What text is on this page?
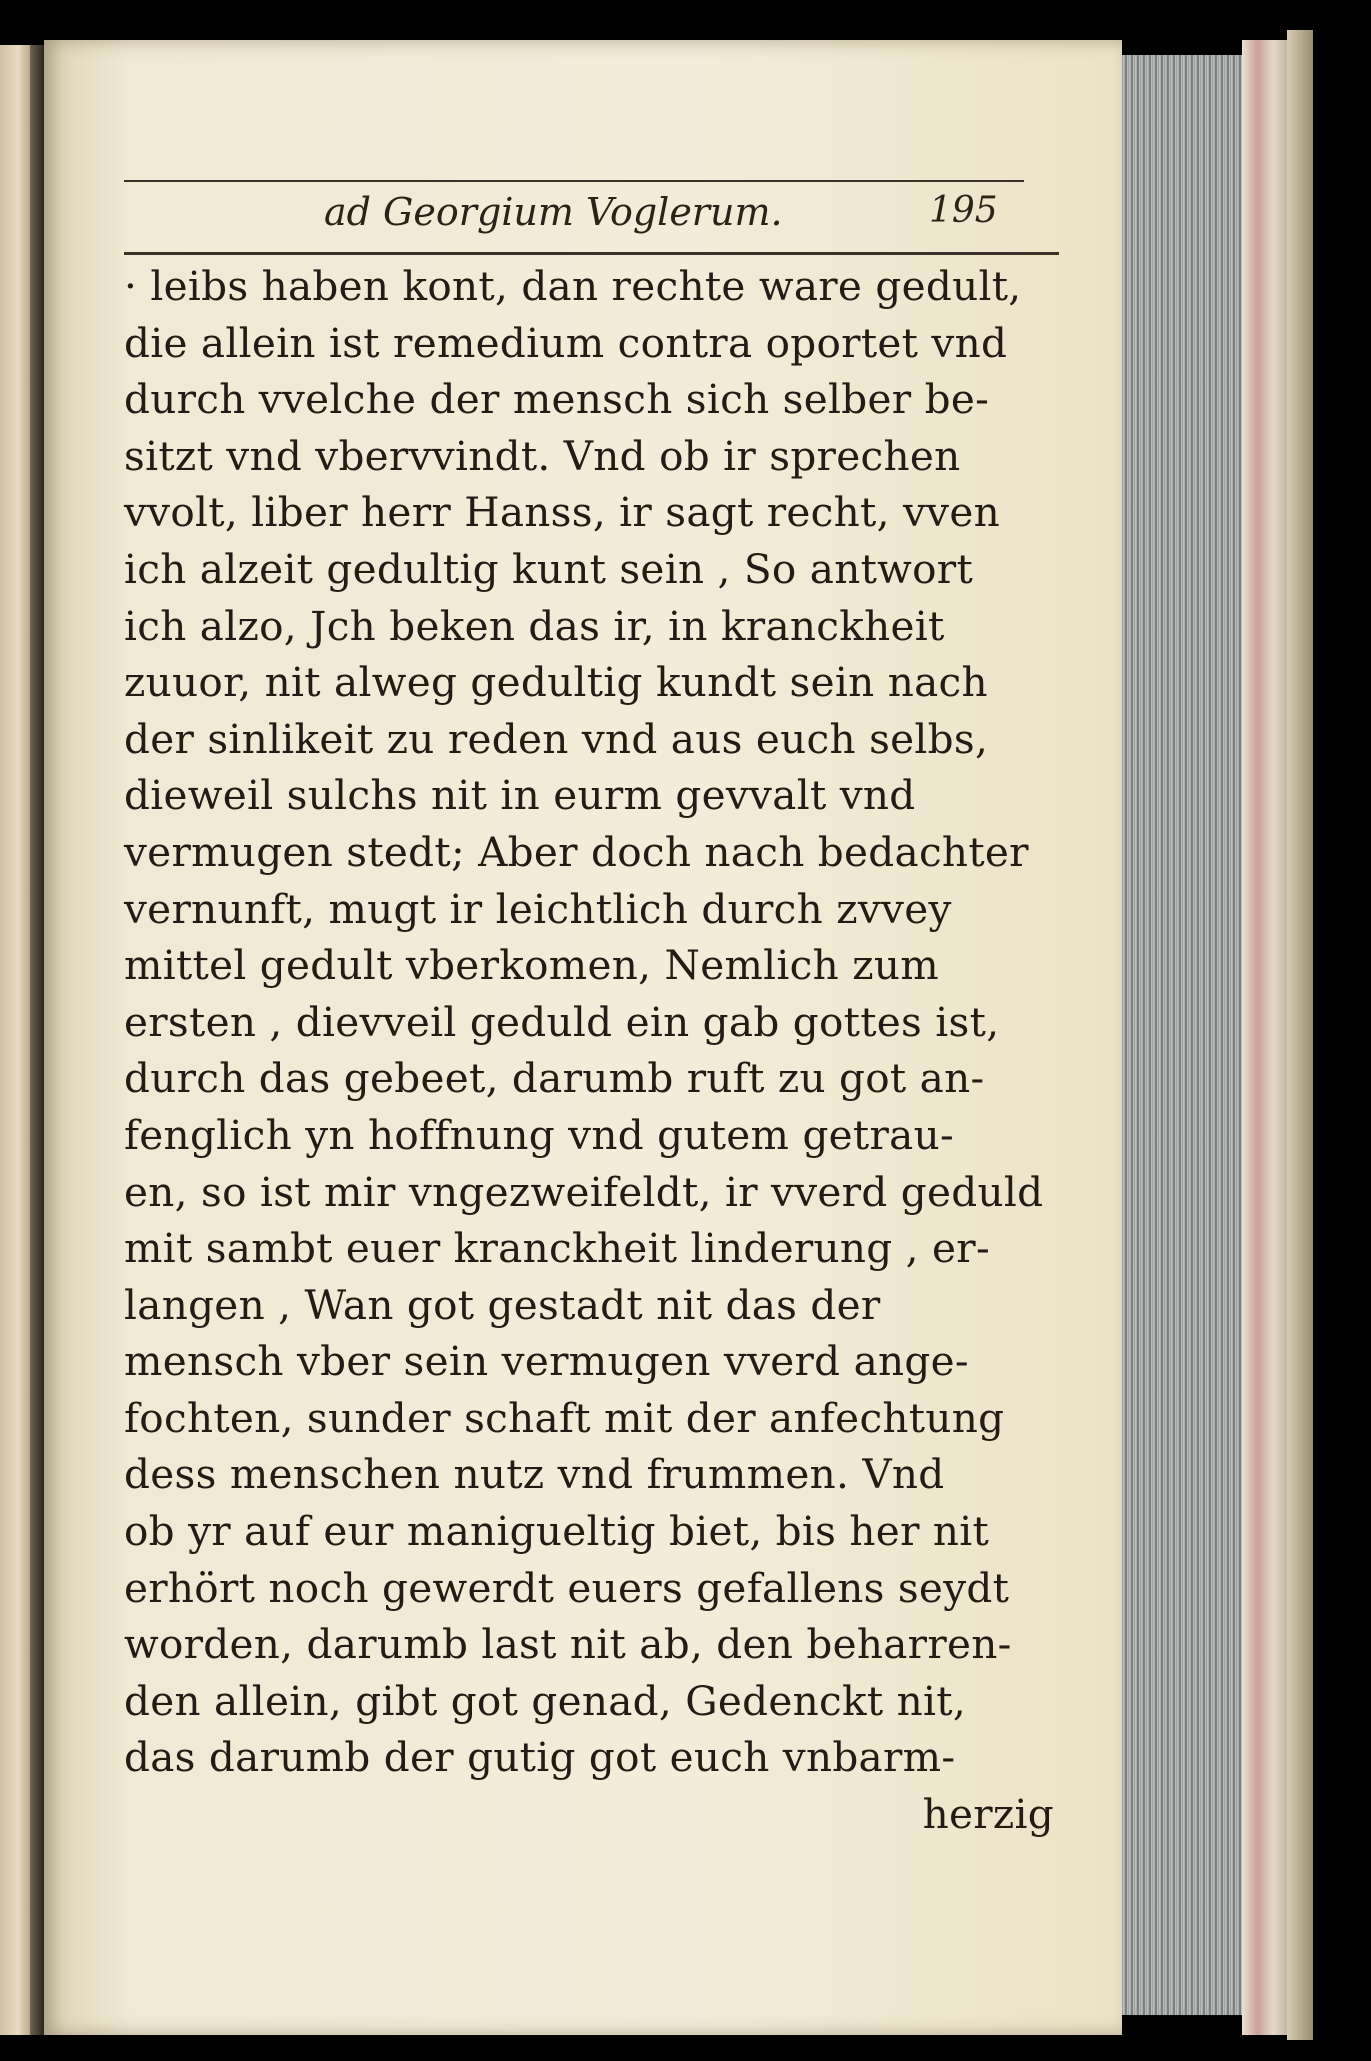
ad Georgium Voglerum.	195
· leibs haben kont, dan rechte ware gedult,
die allein ist remedium contra oportet vnd
durch vvelche der mensch sich selber be-
sitzt vnd vbervvindt. Vnd ob ir sprechen
vvolt, liber herr Hanss, ir sagt recht, vven
ich alzeit gedultig kunt sein , So antwort
ich alzo, Jch beken das ir, in kranckheit
zuuor, nit alweg gedultig kundt sein nach
der sinlikeit zu reden vnd aus euch selbs,
dieweil sulchs nit in eurm gevvalt vnd
vermugen stedt; Aber doch nach bedachter
vernunft, mugt ir leichtlich durch zvvey
mittel gedult vberkomen, Nemlich zum
ersten , dievveil geduld ein gab gottes ist,
durch das gebeet, darumb ruft zu got an-
fenglich yn hoffnung vnd gutem getrau-
en, so ist mir vngezweifeldt, ir vverd geduld
mit sambt euer kranckheit linderung , er-
langen , Wan got gestadt nit das der
mensch vber sein vermugen vverd ange-
fochten, sunder schaft mit der anfechtung
dess menschen nutz vnd frummen. Vnd
ob yr auf eur manigueltig biet, bis her nit
erhört noch gewerdt euers gefallens seydt
worden, darumb last nit ab, den beharren-
den allein, gibt got genad, Gedenckt nit,
das darumb der gutig got euch vnbarm-
herzig
